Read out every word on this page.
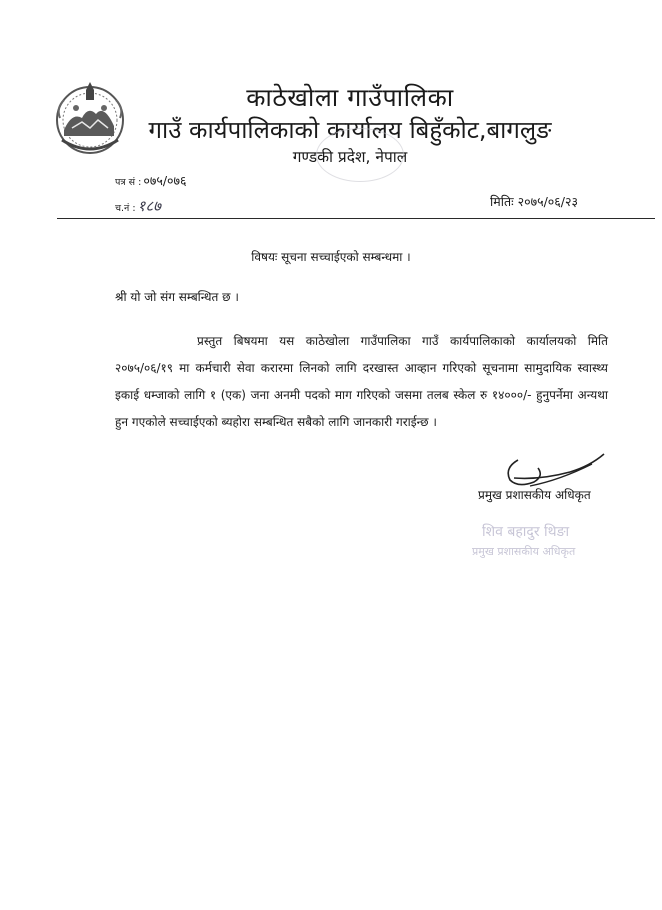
काठेखोला गाउँपालिका
गाउँ कार्यपालिकाको कार्यालय बिहुँकोट,बागलुङ
गण्डकी प्रदेश, नेपाल
पत्र सं : ०७५/०७६
च.नं : १८७	मितिः २०७५/०६/२३
विषयः सूचना सच्चाईएको सम्बन्धमा ।
श्री यो जो संग सम्बन्धित छ ।
प्रस्तुत बिषयमा यस काठेखोला गाउँपालिका गाउँ कार्यपालिकाको कार्यालयको मिति २०७५/०६/१९ मा कर्मचारी सेवा करारमा लिनको लागि दरखास्त आव्हान गरिएको सूचनामा सामुदायिक स्वास्थ्य इकाई धम्जाको लागि १ (एक) जना अनमी पदको माग गरिएको जसमा तलब स्केल रु १४०००/- हुनुपर्नेमा अन्यथा हुन गएकोले सच्चाईएको ब्यहोरा सम्बन्धित सबैको लागि जानकारी गराईन्छ ।
प्रमुख प्रशासकीय अधिकृत
शिव बहादुर थिङा
प्रमुख प्रशासकीय अधिकृत
